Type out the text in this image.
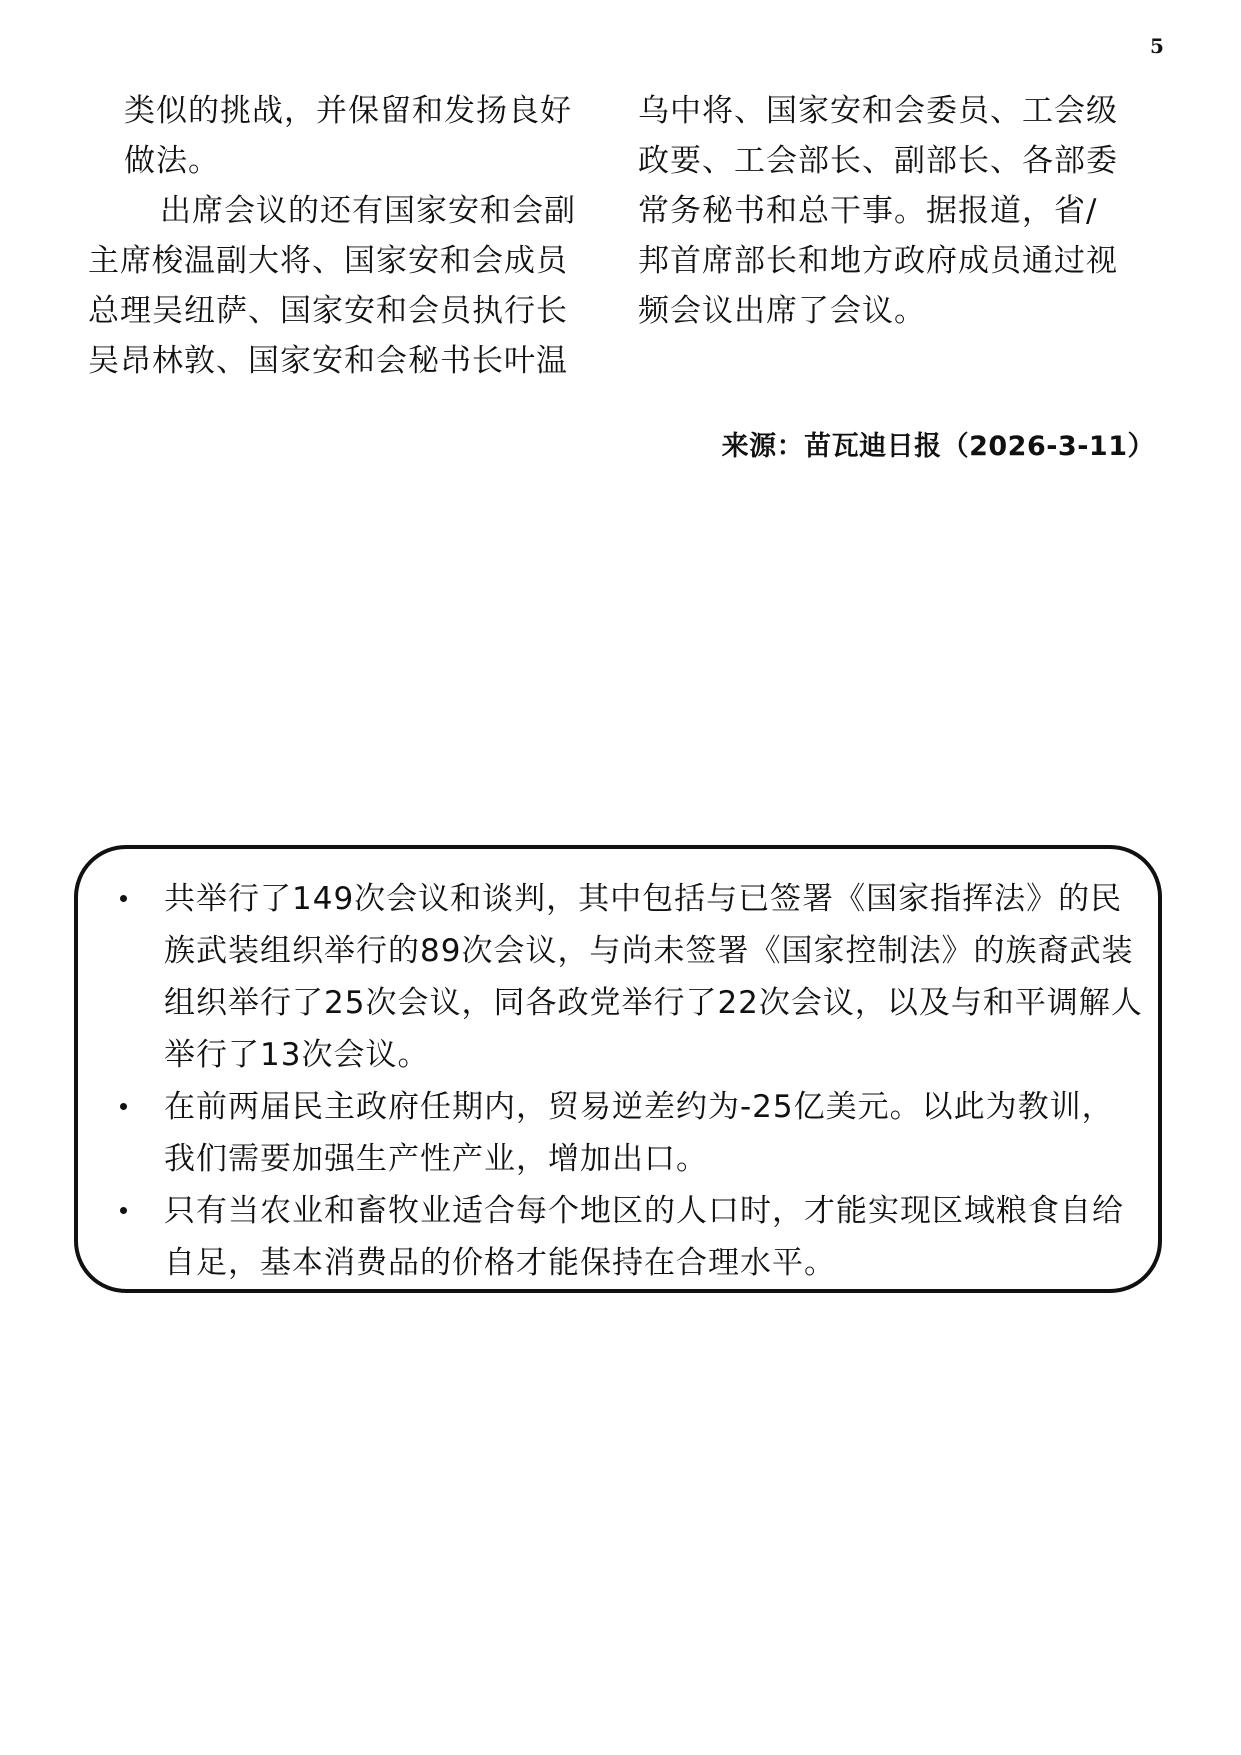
5
类似的挑战，并保留和发扬良好
做法。
出席会议的还有国家安和会副
主席梭温副大将、国家安和会成员
总理吴纽萨、国家安和会员执行长
吴昂林敦、国家安和会秘书长叶温
乌中将、国家安和会委员、工会级
政要、工会部长、副部长、各部委
常务秘书和总干事。据报道，省/
邦首席部长和地方政府成员通过视
频会议出席了会议。
来源：苗瓦迪日报（2026-3-11）
共举行了149次会议和谈判，其中包括与已签署《国家指挥法》的民
族武装组织举行的89次会议，与尚未签署《国家控制法》的族裔武装
组织举行了25次会议，同各政党举行了22次会议，以及与和平调解人
举行了13次会议。
在前两届民主政府任期内，贸易逆差约为-25亿美元。以此为教训，
我们需要加强生产性产业，增加出口。
只有当农业和畜牧业适合每个地区的人口时，才能实现区域粮食自给
自足，基本消费品的价格才能保持在合理水平。
